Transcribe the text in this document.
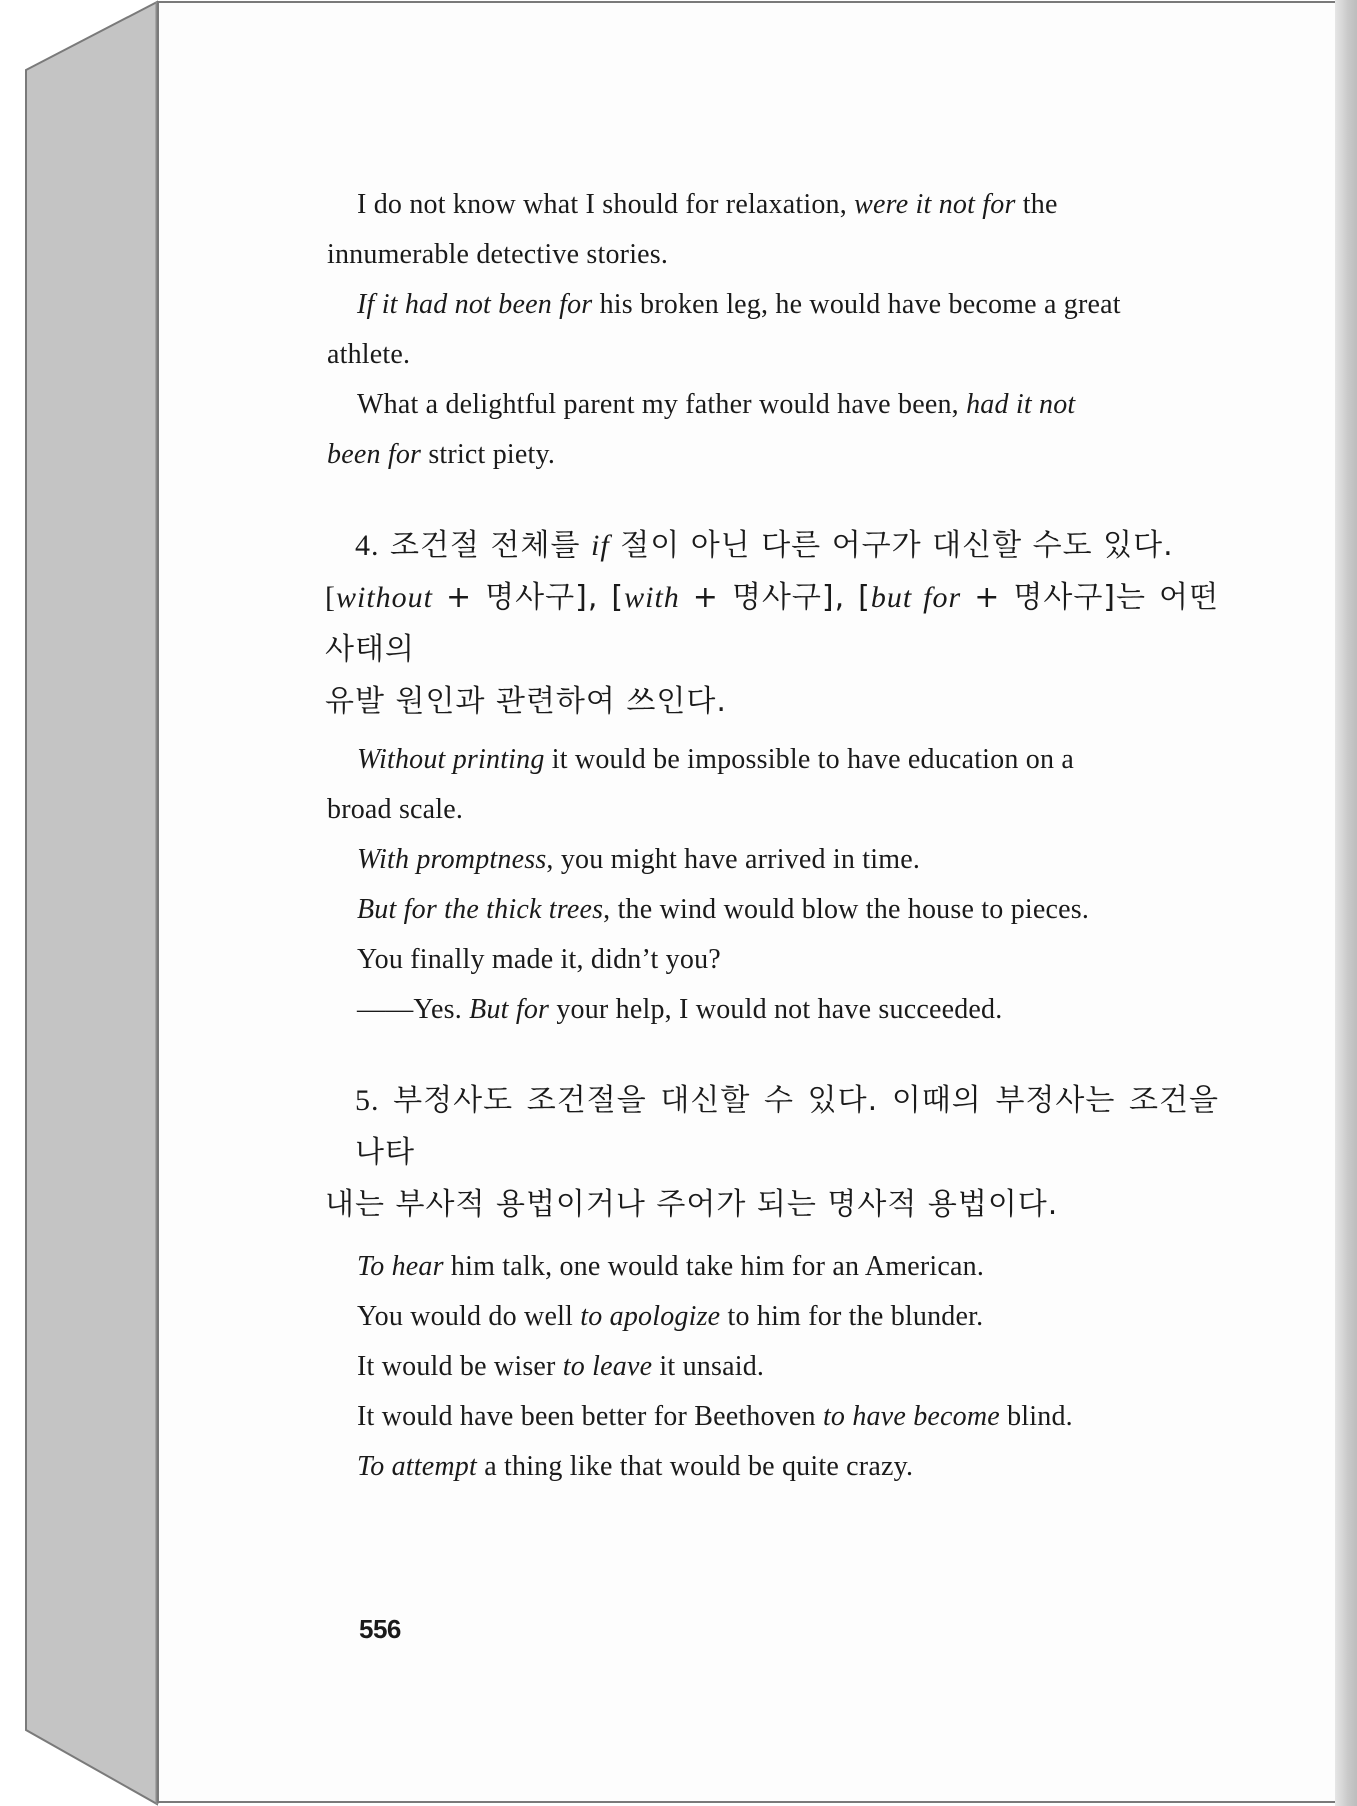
I do not know what I should for relaxation, were it not for the
innumerable detective stories.

If it had not been for his broken leg, he would have become a great
athlete.

What a delightful parent my father would have been, had it not
been for strict piety.

4. 조건절 전체를 if 절이 아닌 다른 어구가 대신할 수도 있다.
[without + 명사구], [with + 명사구], [but for + 명사구]는 어떤 사태의
유발 원인과 관련하여 쓰인다.

Without printing it would be impossible to have education on a
broad scale.

With promptness, you might have arrived in time.

But for the thick trees, the wind would blow the house to pieces.

You finally made it, didn’t you?

——Yes. But for your help, I would not have succeeded.

5. 부정사도 조건절을 대신할 수 있다. 이때의 부정사는 조건을 나타
내는 부사적 용법이거나 주어가 되는 명사적 용법이다.

To hear him talk, one would take him for an American.

You would do well to apologize to him for the blunder.

It would be wiser to leave it unsaid.

It would have been better for Beethoven to have become blind.

To attempt a thing like that would be quite crazy.

556
